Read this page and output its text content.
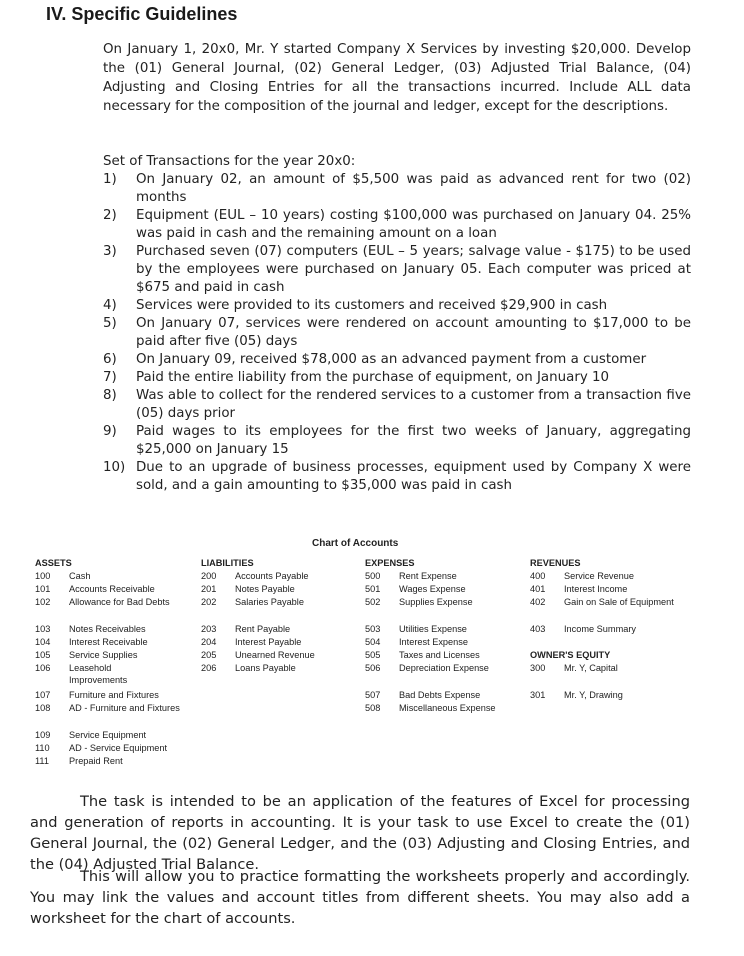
IV. Specific Guidelines
On January 1, 20x0, Mr. Y started Company X Services by investing $20,000. Develop the (01) General Journal, (02) General Ledger, (03) Adjusted Trial Balance, (04) Adjusting and Closing Entries for all the transactions incurred. Include ALL data necessary for the composition of the journal and ledger, except for the descriptions.
Set of Transactions for the year 20x0:
1)	On January 02, an amount of $5,500 was paid as advanced rent for two (02) months
2)	Equipment (EUL – 10 years) costing $100,000 was purchased on January 04. 25% was paid in cash and the remaining amount on a loan
3)	Purchased seven (07) computers (EUL – 5 years; salvage value - $175) to be used by the employees were purchased on January 05. Each computer was priced at $675 and paid in cash
4)	Services were provided to its customers and received $29,900 in cash
5)	On January 07, services were rendered on account amounting to $17,000 to be paid after five (05) days
6)	On January 09, received $78,000 as an advanced payment from a customer
7)	Paid the entire liability from the purchase of equipment, on January 10
8)	Was able to collect for the rendered services to a customer from a transaction five (05) days prior
9)	Paid wages to its employees for the first two weeks of January, aggregating $25,000 on January 15
10) Due to an upgrade of business processes, equipment used by Company X were sold, and a gain amounting to $35,000 was paid in cash
Chart of Accounts
ASSETS
100	Cash
101	Accounts Receivable
102	Allowance for Bad Debts
103	Notes Receivables
104	Interest Receivable
105	Service Supplies
106	Leasehold Improvements
107	Furniture and Fixtures
108	AD - Furniture and Fixtures
109	Service Equipment
110	AD - Service Equipment
111	Prepaid Rent
LIABILITIES
200	Accounts Payable
201	Notes Payable
202	Salaries Payable
203	Rent Payable
204	Interest Payable
205	Unearned Revenue
206	Loans Payable
EXPENSES
500	Rent Expense
501	Wages Expense
502	Supplies Expense
503	Utilities Expense
504	Interest Expense
505	Taxes and Licenses
506	Depreciation Expense
507	Bad Debts Expense
508	Miscellaneous Expense
REVENUES
400	Service Revenue
401	Interest Income
402	Gain on Sale of Equipment
403	Income Summary
OWNER'S EQUITY
300	Mr. Y, Capital
301	Mr. Y, Drawing
The task is intended to be an application of the features of Excel for processing and generation of reports in accounting. It is your task to use Excel to create the (01) General Journal, the (02) General Ledger, and the (03) Adjusting and Closing Entries, and the (04) Adjusted Trial Balance.
This will allow you to practice formatting the worksheets properly and accordingly. You may link the values and account titles from different sheets. You may also add a worksheet for the chart of accounts.
